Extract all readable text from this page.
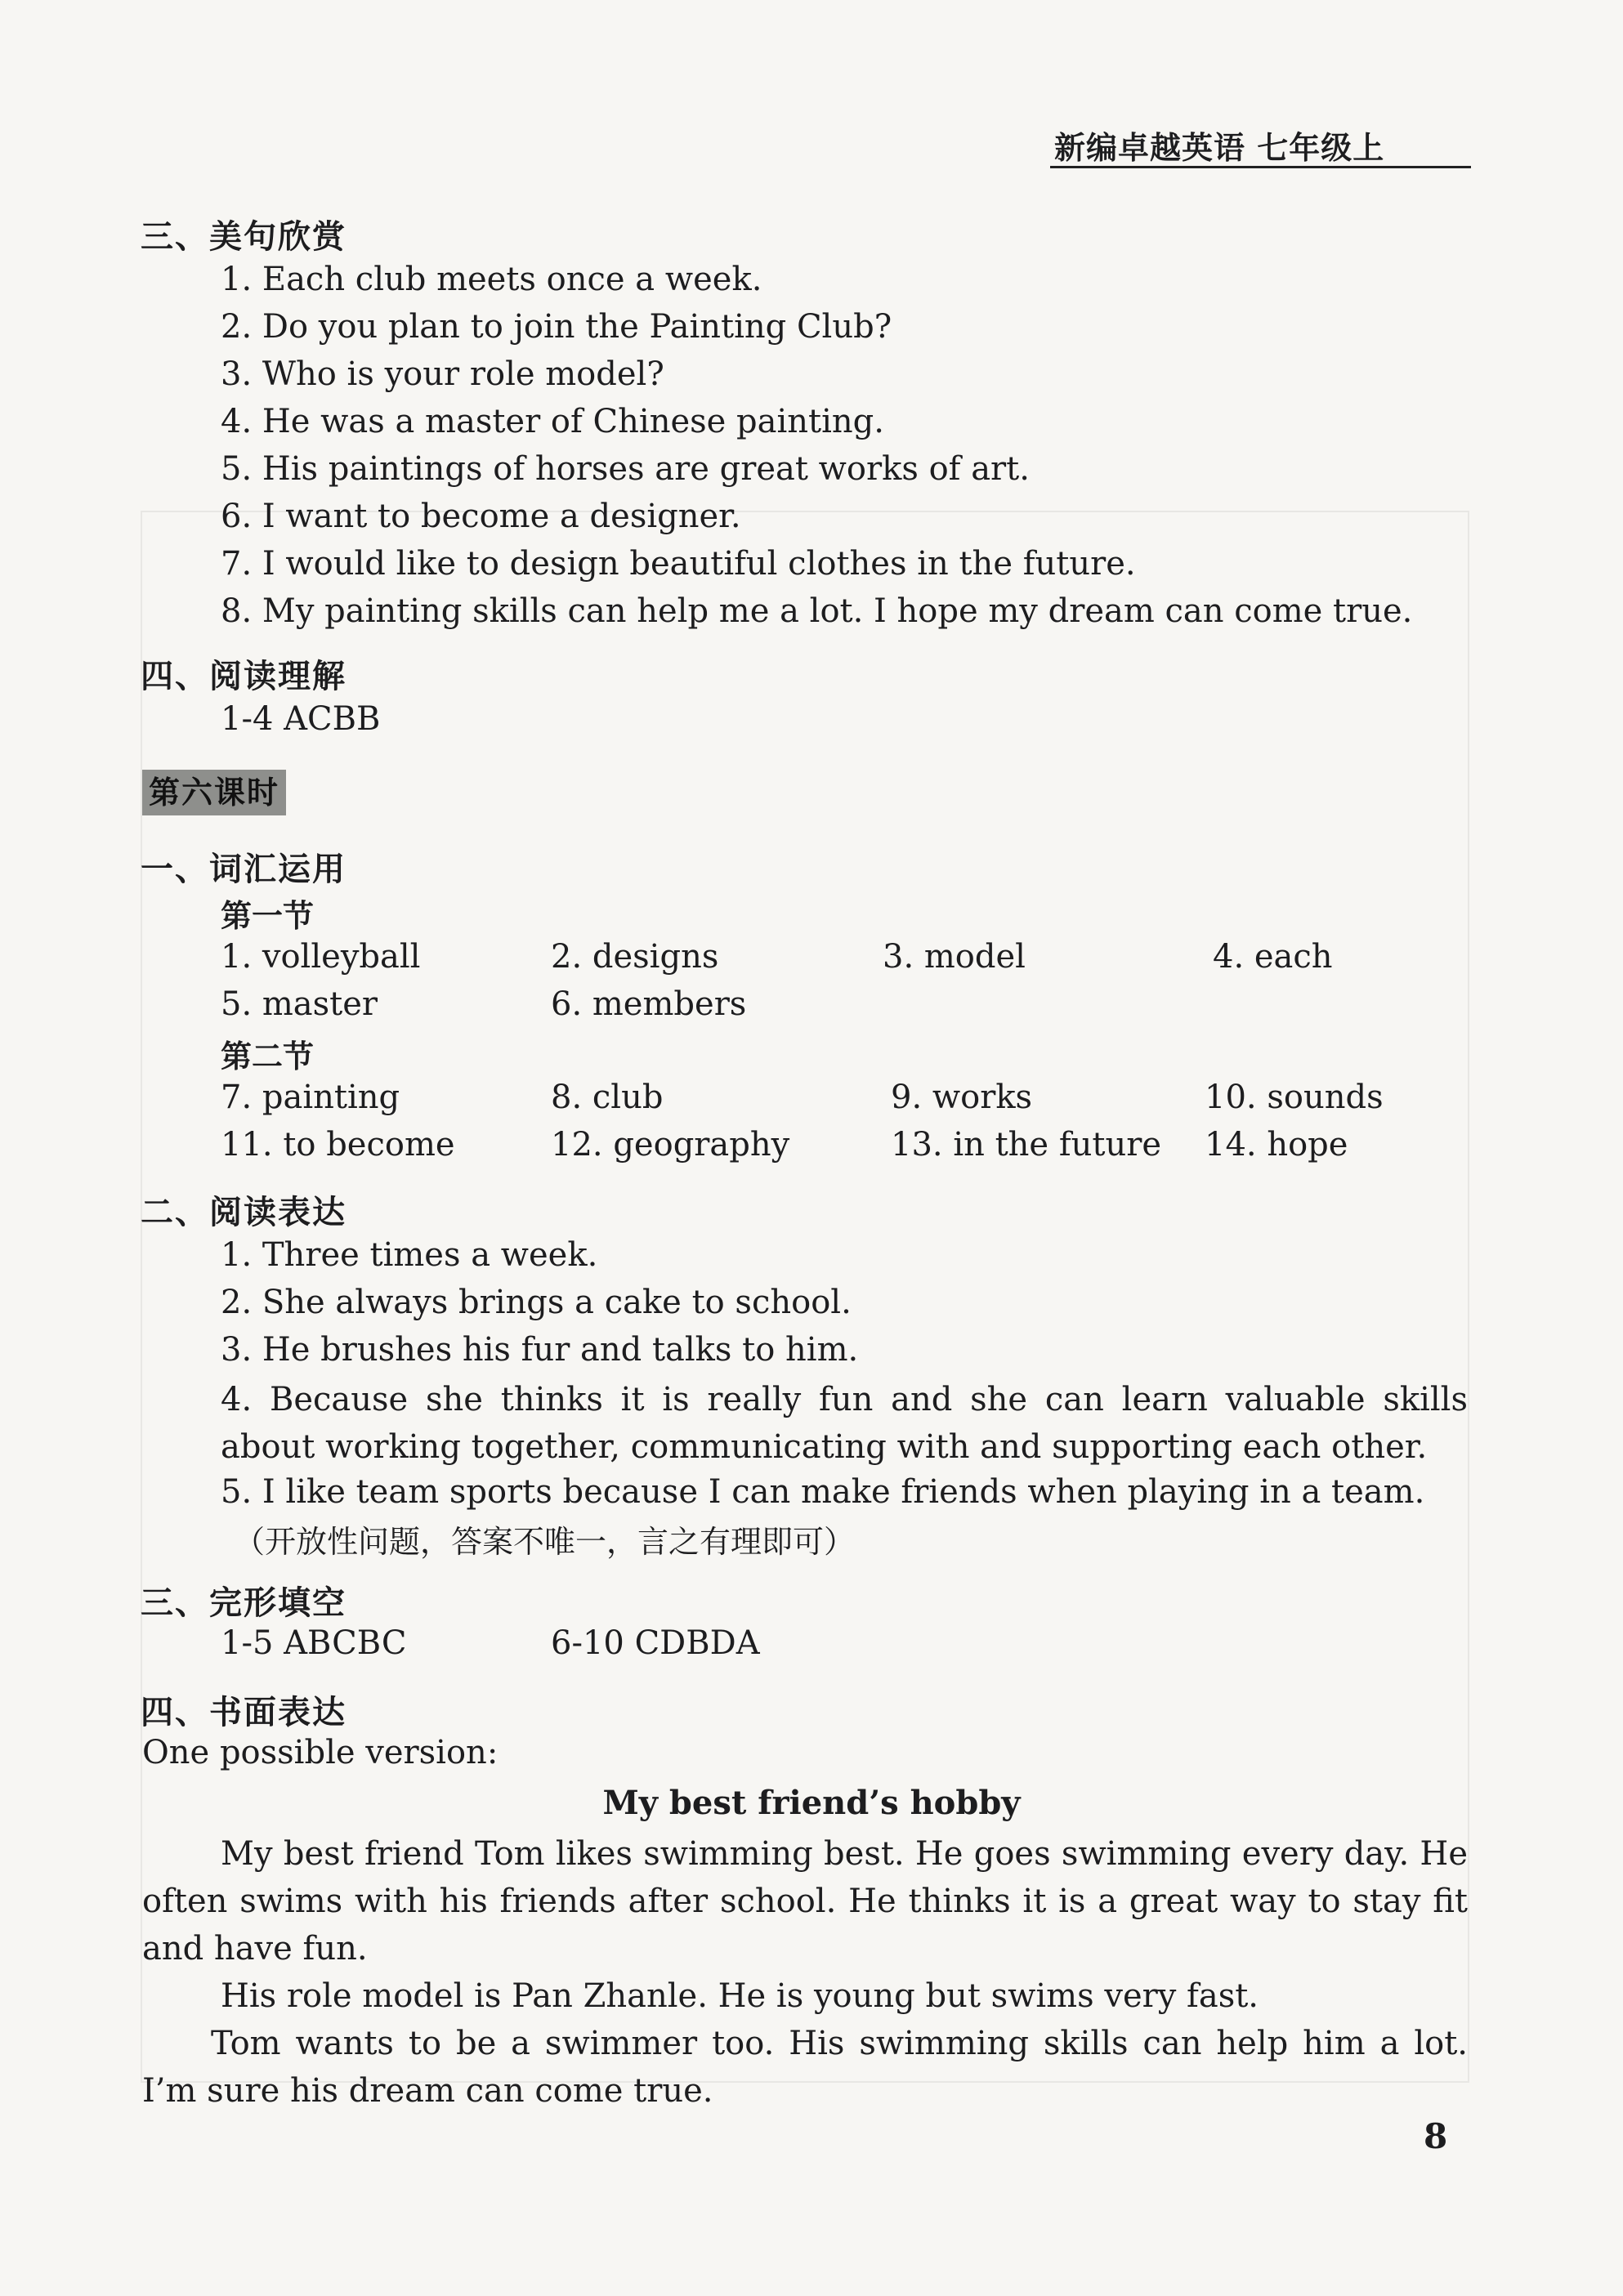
新编卓越英语 七年级上
三、美句欣赏
1. Each club meets once a week.
2. Do you plan to join the Painting Club?
3. Who is your role model?
4. He was a master of Chinese painting.
5. His paintings of horses are great works of art.
6. I want to become a designer.
7. I would like to design beautiful clothes in the future.
8. My painting skills can help me a lot. I hope my dream can come true.
四、阅读理解
1-4 ACBB
第六课时
一、词汇运用
第一节
1. volleyball	2. designs	3. model	4. each
5. master	6. members
第二节
7. painting	8. club	9. works	10. sounds
11. to become	12. geography	13. in the future 14. hope
二、阅读表达
1. Three times a week.
2. She always brings a cake to school.
3. He brushes his fur and talks to him.
4. Because she thinks it is really fun and she can learn valuable skills about working together, communicating with and supporting each other.
5. I like team sports because I can make friends when playing in a team.
（开放性问题，答案不唯一，言之有理即可）
三、完形填空
1-5 ABCBC	6-10 CDBDA
四、书面表达
One possible version:
My best friend’s hobby
My best friend Tom likes swimming best. He goes swimming every day. He often swims with his friends after school. He thinks it is a great way to stay fit and have fun.
His role model is Pan Zhanle. He is young but swims very fast.
Tom wants to be a swimmer too. His swimming skills can help him a lot. I’m sure his dream can come true.
8
